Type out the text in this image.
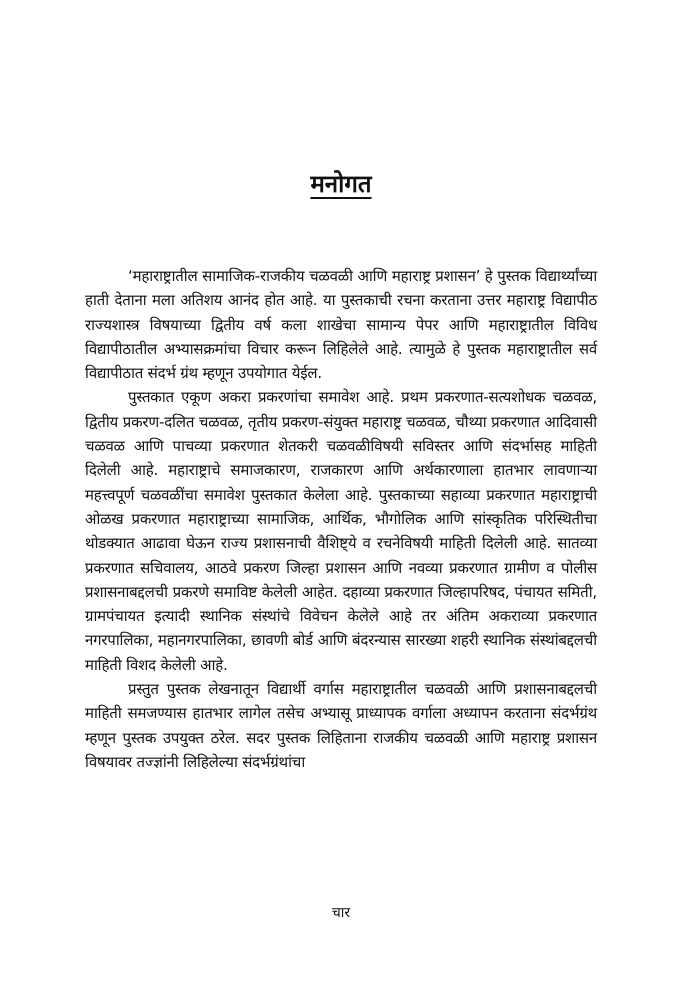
मनोगत

‘महाराष्ट्रातील सामाजिक-राजकीय चळवळी आणि महाराष्ट्र प्रशासन’ हे पुस्तक विद्यार्थ्यांच्या हाती देताना मला अतिशय आनंद होत आहे. या पुस्तकाची रचना करताना उत्तर महाराष्ट्र विद्यापीठ राज्यशास्त्र विषयाच्या द्वितीय वर्ष कला शाखेचा सामान्य पेपर आणि महाराष्ट्रातील विविध विद्यापीठातील अभ्यासक्रमांचा विचार करून लिहिलेले आहे. त्यामुळे हे पुस्तक महाराष्ट्रातील सर्व विद्यापीठात संदर्भ ग्रंथ म्हणून उपयोगात येईल.

पुस्तकात एकूण अकरा प्रकरणांचा समावेश आहे. प्रथम प्रकरणात-सत्यशोधक चळवळ, द्वितीय प्रकरण-दलित चळवळ, तृतीय प्रकरण-संयुक्त महाराष्ट्र चळवळ, चौथ्या प्रकरणात आदिवासी चळवळ आणि पाचव्या प्रकरणात शेतकरी चळवळीविषयी सविस्तर आणि संदर्भासह माहिती दिलेली आहे. महाराष्ट्राचे समाजकारण, राजकारण आणि अर्थकारणाला हातभार लावणाऱ्या महत्त्वपूर्ण चळवळींचा समावेश पुस्तकात केलेला आहे. पुस्तकाच्या सहाव्या प्रकरणात महाराष्ट्राची ओळख प्रकरणात महाराष्ट्राच्या सामाजिक, आर्थिक, भौगोलिक आणि सांस्कृतिक परिस्थितीचा थोडक्यात आढावा घेऊन राज्य प्रशासनाची वैशिष्ट्ये व रचनेविषयी माहिती दिलेली आहे. सातव्या प्रकरणात सचिवालय, आठवे प्रकरण जिल्हा प्रशासन आणि नवव्या प्रकरणात ग्रामीण व पोलीस प्रशासनाबद्दलची प्रकरणे समाविष्ट केलेली आहेत. दहाव्या प्रकरणात जिल्हापरिषद, पंचायत समिती, ग्रामपंचायत इत्यादी स्थानिक संस्थांचे विवेचन केलेले आहे तर अंतिम अकराव्या प्रकरणात नगरपालिका, महानगरपालिका, छावणी बोर्ड आणि बंदरन्यास सारख्या शहरी स्थानिक संस्थांबद्दलची माहिती विशद केलेली आहे.

प्रस्तुत पुस्तक लेखनातून विद्यार्थी वर्गास महाराष्ट्रातील चळवळी आणि प्रशासनाबद्दलची माहिती समजण्यास हातभार लागेल तसेच अभ्यासू प्राध्यापक वर्गाला अध्यापन करताना संदर्भग्रंथ म्हणून पुस्तक उपयुक्त ठरेल. सदर पुस्तक लिहिताना राजकीय चळवळी आणि महाराष्ट्र प्रशासन विषयावर तज्ज्ञांनी लिहिलेल्या संदर्भग्रंथांचा

चार
